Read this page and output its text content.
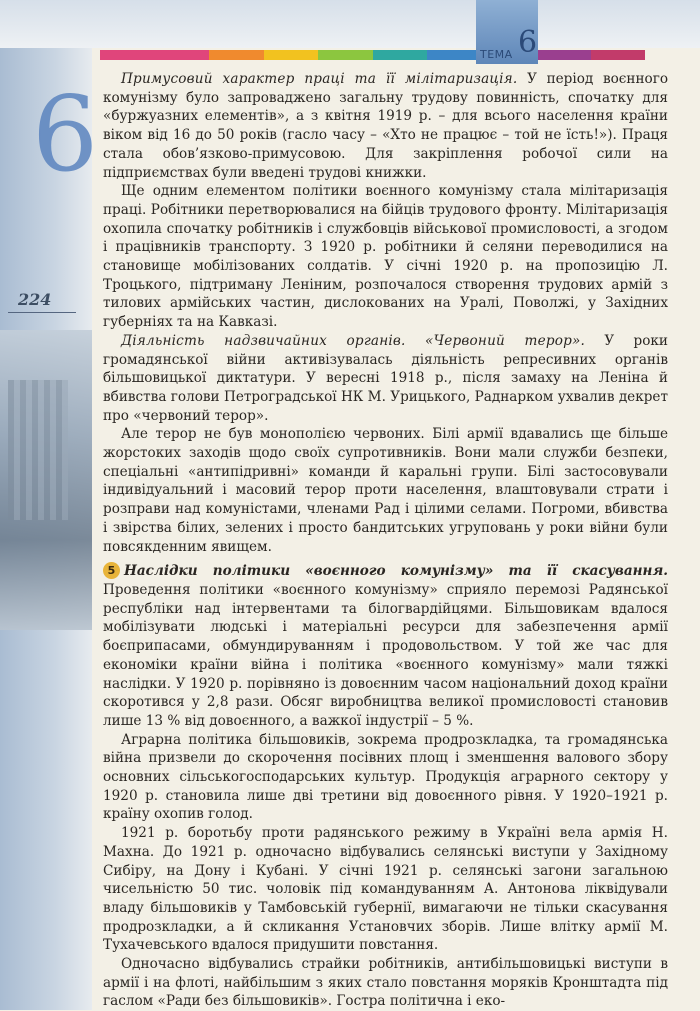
ТЕМА 6
6
224

Примусовий характер праці та її мілітаризація. У період воєнного комунізму було запроваджено загальну трудову повинність, спочатку для «буржуазних елементів», а з квітня 1919 р. – для всього населення країни віком від 16 до 50 років (гасло часу – «Хто не працює – той не їсть!»). Праця стала обов’язково-примусовою. Для закріплення робочої сили на підприємствах були введені трудові книжки.

Ще одним елементом політики воєнного комунізму стала мілітаризація праці. Робітники перетворювалися на бійців трудового фронту. Мілітаризація охопила спочатку робітників і службовців військової промисловості, а згодом і працівників транспорту. З 1920 р. робітники й селяни переводилися на становище мобілізованих солдатів. У січні 1920 р. на пропозицію Л. Троцького, підтриману Леніним, розпочалося створення трудових армій з тилових армійських частин, дислокованих на Уралі, Поволжі, у Західних губерніях та на Кавказі.

Діяльність надзвичайних органів. «Червоний терор». У роки громадянської війни активізувалась діяльність репресивних органів більшовицької диктатури. У вересні 1918 р., після замаху на Леніна й вбивства голови Петроградської НК М. Урицького, Раднарком ухвалив декрет про «червоний терор».

Але терор не був монополією червоних. Білі армії вдавались ще більше жорстоких заходів щодо своїх супротивників. Вони мали служби безпеки, спеціальні «антипідривні» команди й каральні групи. Білі застосовували індивідуальний і масовий терор проти населення, влаштовували страти і розправи над комуністами, членами Рад і цілими селами. Погроми, вбивства і звірства білих, зелених і просто бандитських угруповань у роки війни були повсякденним явищем.

5 Наслідки політики «воєнного комунізму» та її скасування. Проведення політики «воєнного комунізму» сприяло перемозі Радянської республіки над інтервентами та білогвардійцями. Більшовикам вдалося мобілізувати людські і матеріальні ресурси для забезпечення армії боєприпасами, обмундируванням і продовольством. У той же час для економіки країни війна і політика «воєнного комунізму» мали тяжкі наслідки. У 1920 р. порівняно із довоєнним часом національний доход країни скоротився у 2,8 рази. Обсяг виробництва великої промисловості становив лише 13 % від довоєнного, а важкої індустрії – 5 %.

Аграрна політика більшовиків, зокрема продрозкладка, та громадянська війна призвели до скорочення посівних площ і зменшення валового збору основних сільськогосподарських культур. Продукція аграрного сектору у 1920 р. становила лише дві третини від довоєнного рівня. У 1920–1921 р. країну охопив голод.

1921 р. боротьбу проти радянського режиму в Україні вела армія Н. Махна. До 1921 р. одночасно відбувались селянські виступи у Західному Сибіру, на Дону і Кубані. У січні 1921 р. селянські загони загальною чисельністю 50 тис. чоловік під командуванням А. Антонова ліквідували владу більшовиків у Тамбовській губернії, вимагаючи не тільки скасування продрозкладки, а й скликання Установчих зборів. Лише влітку армії М. Тухачевського вдалося придушити повстання.

Одночасно відбувались страйки робітників, антибільшовицькі виступи в армії і на флоті, найбільшим з яких стало повстання моряків Кронштадта під гаслом «Ради без більшовиків». Гостра політична і еко-
